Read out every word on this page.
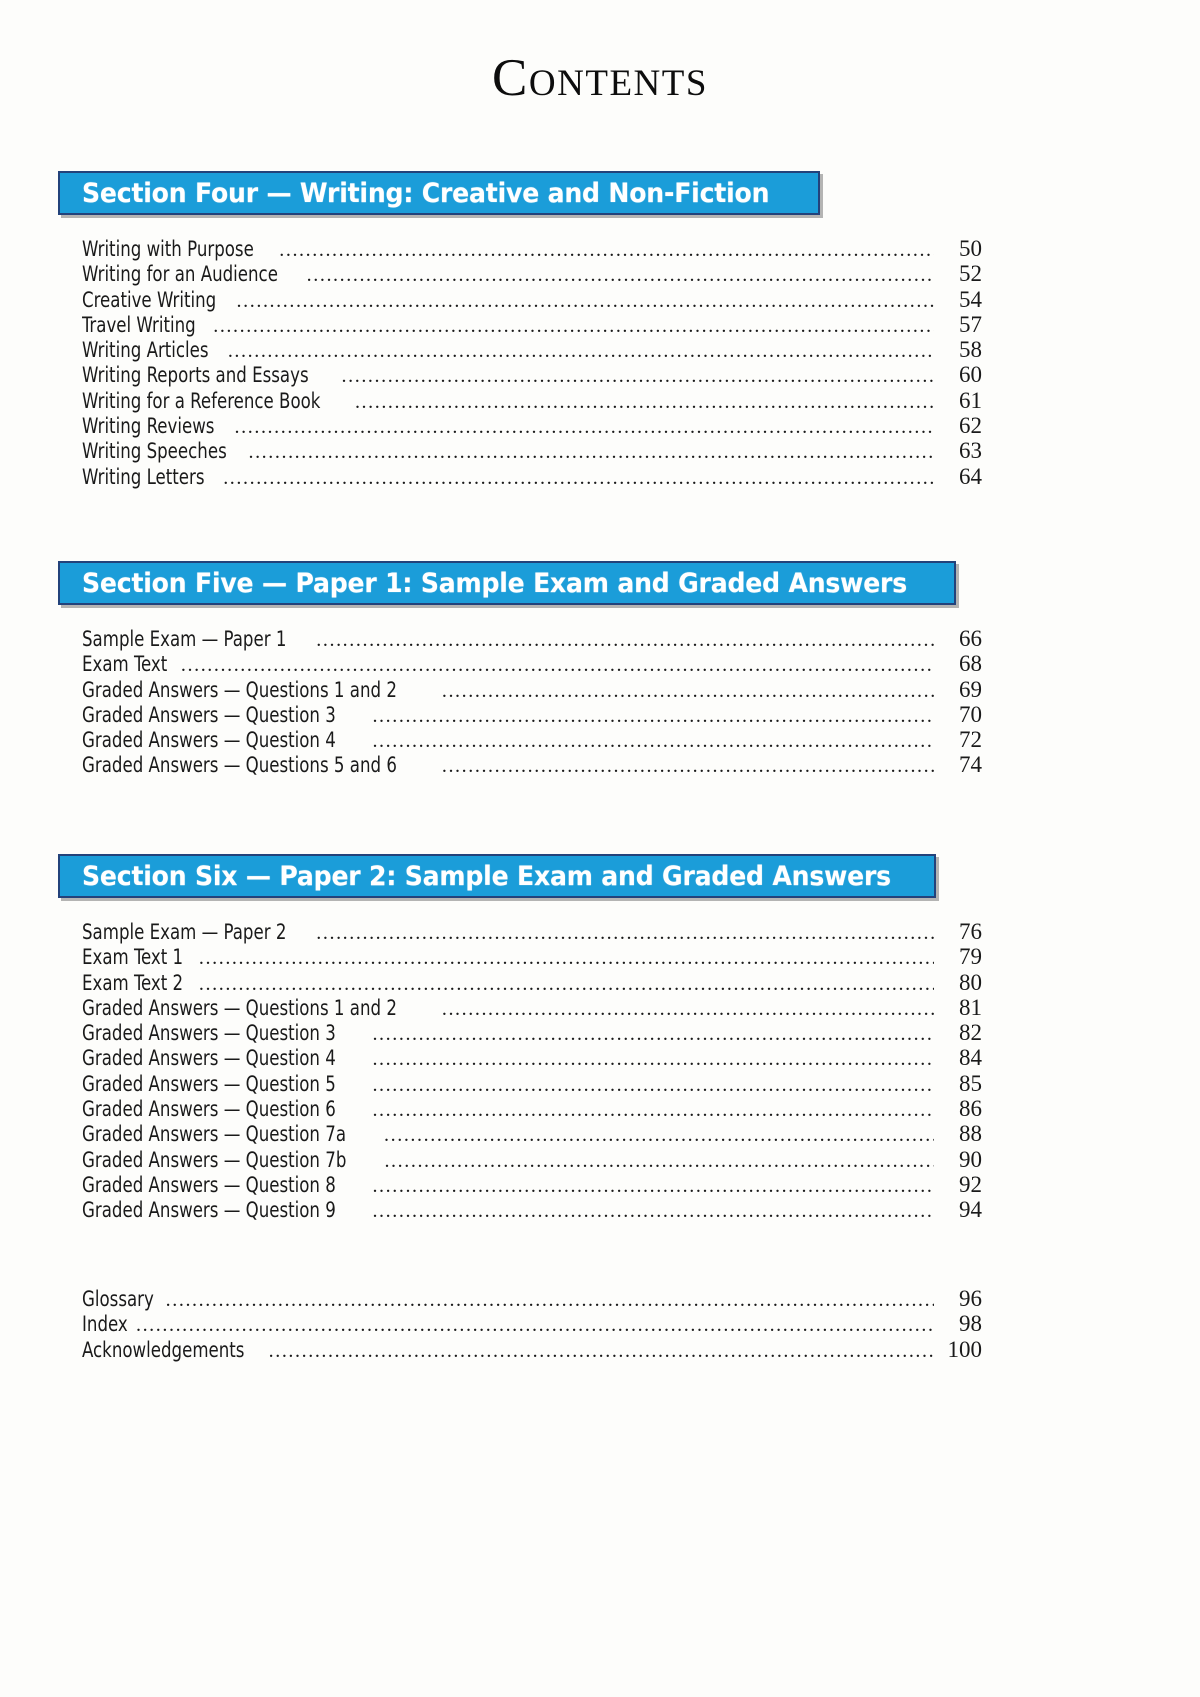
Contents
Section Four — Writing: Creative and Non-Fiction
Writing with Purpose .....	50
Writing for an Audience .....	52
Creative Writing .....	54
Travel Writing .....	57
Writing Articles .....	58
Writing Reports and Essays .....	60
Writing for a Reference Book .....	61
Writing Reviews .....	62
Writing Speeches .....	63
Writing Letters .....	64
Section Five — Paper 1: Sample Exam and Graded Answers
Sample Exam — Paper 1 .....	66
Exam Text .....	68
Graded Answers — Questions 1 and 2 .....	69
Graded Answers — Question 3 .....	70
Graded Answers — Question 4 .....	72
Graded Answers — Questions 5 and 6 .....	74
Section Six — Paper 2: Sample Exam and Graded Answers
Sample Exam — Paper 2 .....	76
Exam Text 1 .....	79
Exam Text 2 .....	80
Graded Answers — Questions 1 and 2 .....	81
Graded Answers — Question 3 .....	82
Graded Answers — Question 4 .....	84
Graded Answers — Question 5 .....	85
Graded Answers — Question 6 .....	86
Graded Answers — Question 7a .....	88
Graded Answers — Question 7b .....	90
Graded Answers — Question 8 .....	92
Graded Answers — Question 9 .....	94
Glossary .....	96
Index .....	98
Acknowledgements .....	100
